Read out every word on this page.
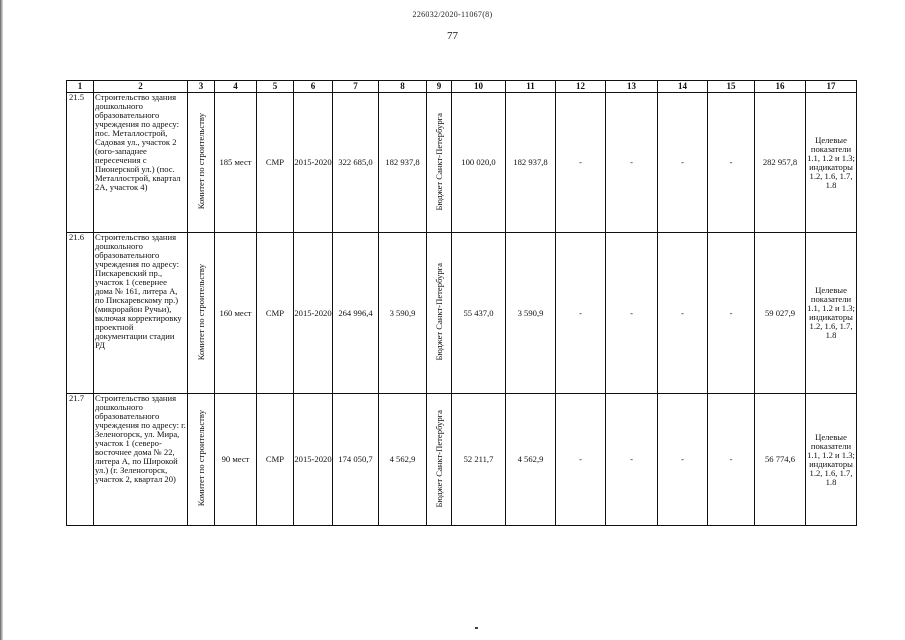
226032/2020-11067(8)
77
1	2	3	4	5	6	7	8	9	10	11	12	13	14	15	16	17
21.5	Строительство здания дошкольного образовательного учреждения по адресу: пос. Металлострой, Садовая ул., участок 2 (юго-западнее пересечения с Пионерской ул.) (пос. Металлострой, квартал 2А, участок 4)	Комитет по строительству	185 мест	СМР	2015-2020	322 685,0	182 937,8	Бюджет Санкт-Петербурга	100 020,0	182 937,8	-	-	-	-	282 957,8	Целевые показатели 1.1, 1.2 и 1.3; индикаторы 1.2, 1.6, 1.7, 1.8
21.6	Строительство здания дошкольного образовательного учреждения по адресу: Пискаревский пр., участок 1 (севернее дома № 161, литера А, по Пискаревскому пр.) (микрорайон Ручьи), включая корректировку проектной документации стадии РД	Комитет по строительству	160 мест	СМР	2015-2020	264 996,4	3 590,9	Бюджет Санкт-Петербурга	55 437,0	3 590,9	-	-	-	-	59 027,9	Целевые показатели 1.1, 1.2 и 1.3; индикаторы 1.2, 1.6, 1.7, 1.8
21.7	Строительство здания дошкольного образовательного учреждения по адресу: г. Зеленогорск, ул. Мира, участок 1 (северо-восточнее дома № 22, литера А, по Широкой ул.) (г. Зеленогорск, участок 2, квартал 20)	Комитет по строительству	90 мест	СМР	2015-2020	174 050,7	4 562,9	Бюджет Санкт-Петербурга	52 211,7	4 562,9	-	-	-	-	56 774,6	Целевые показатели 1.1, 1.2 и 1.3; индикаторы 1.2, 1.6, 1.7, 1.8
